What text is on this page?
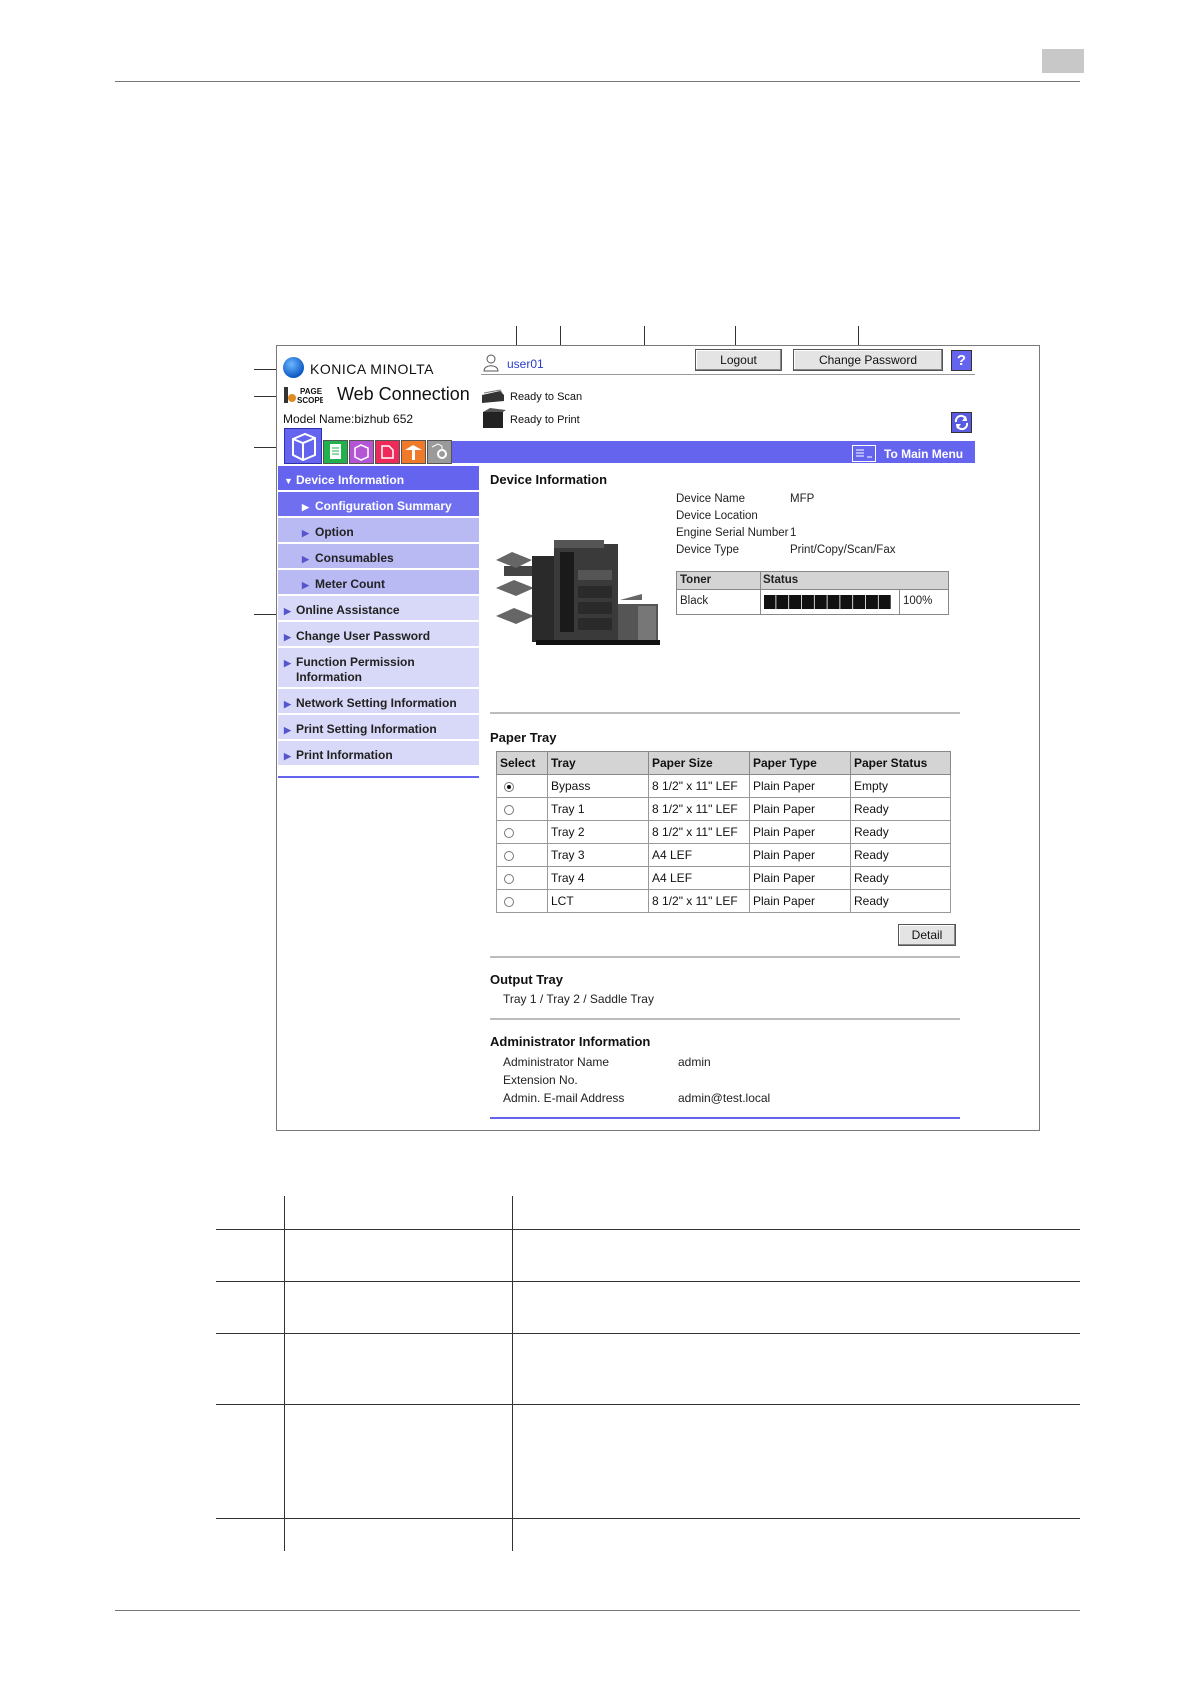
KONICA MINOLTA
PAGE
SCOPE Web Connection
Model Name:bizhub 652
user01
Ready to Scan
Ready to Print
Logout	Change Password	?
To Main Menu
▼ Device Information
▶ Configuration Summary
▶ Option
▶ Consumables
▶ Meter Count
▶ Online Assistance
▶ Change User Password
▶ Function Permission Information
▶ Network Setting Information
▶ Print Setting Information
▶ Print Information
Device Information
Device Name	MFP
Device Location
Engine Serial Number 1
Device Type	Print/Copy/Scan/Fax
Toner	Status
Black	100%
Paper Tray
Select	Tray	Paper Size	Paper Type	Paper Status
	Bypass	8 1/2" x 11" LEF	Plain Paper	Empty
	Tray 1	8 1/2" x 11" LEF	Plain Paper	Ready
	Tray 2	8 1/2" x 11" LEF	Plain Paper	Ready
	Tray 3	A4 LEF	Plain Paper	Ready
	Tray 4	A4 LEF	Plain Paper	Ready
	LCT	8 1/2" x 11" LEF	Plain Paper	Ready
Detail
Output Tray
Tray 1 / Tray 2 / Saddle Tray
Administrator Information
Administrator Name	admin
Extension No.
Admin. E-mail Address	admin@test.local
